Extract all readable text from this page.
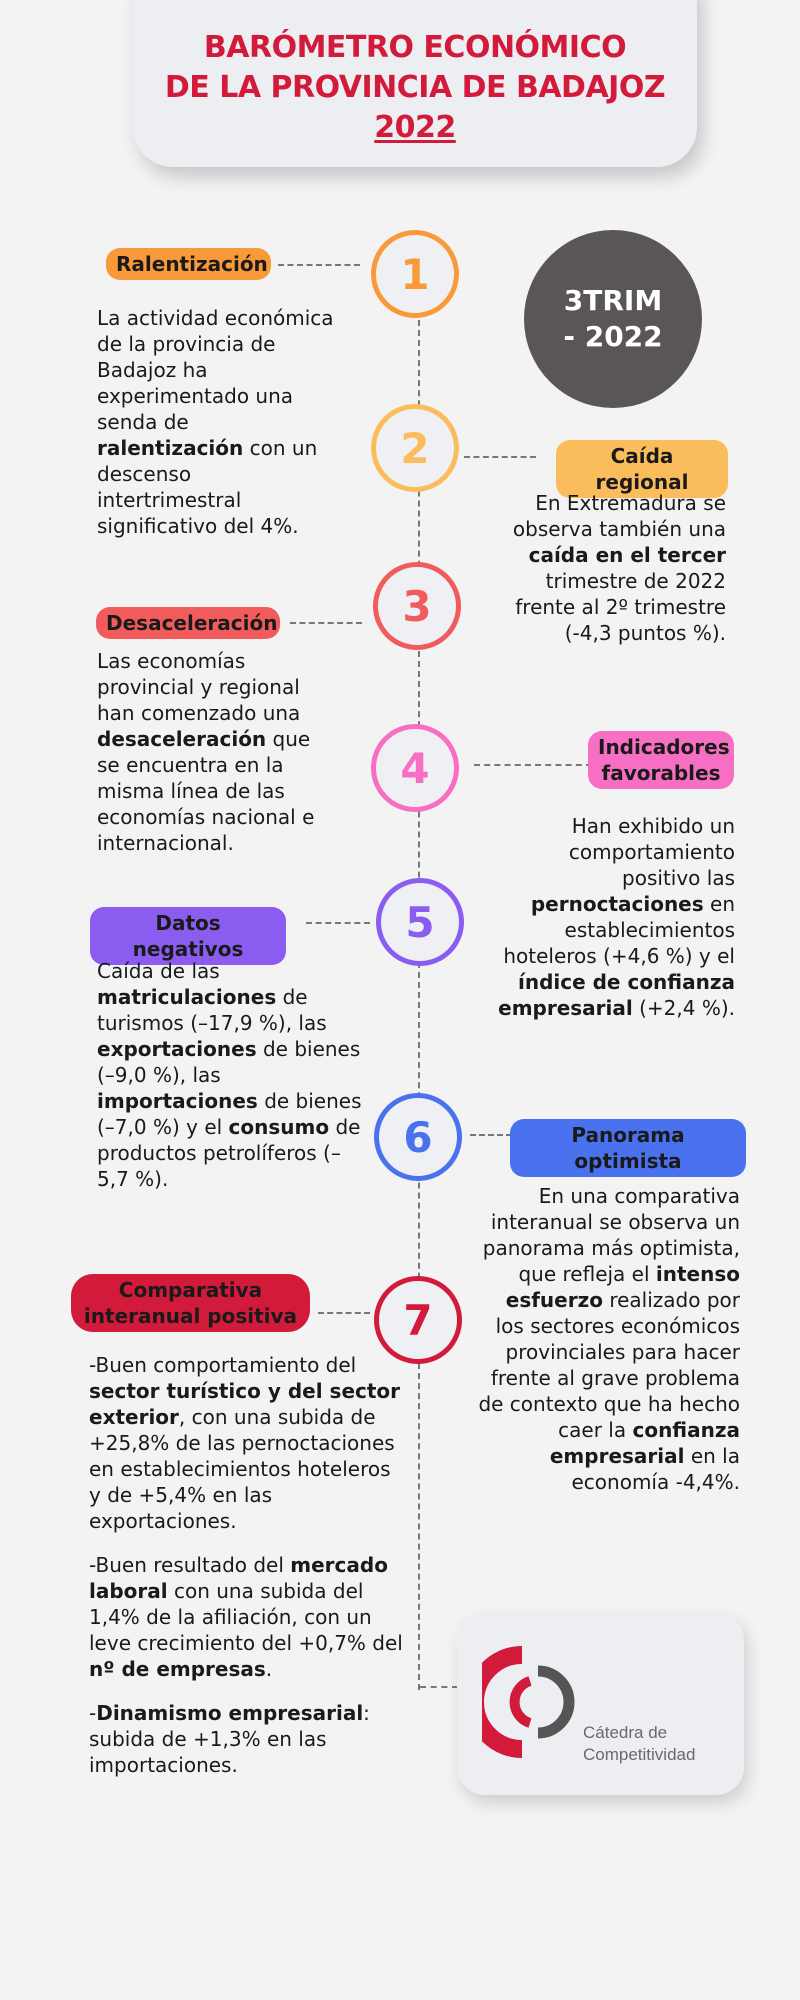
BARÓMETRO ECONÓMICO
DE LA PROVINCIA DE BADAJOZ
2022
3TRIM
- 2022
1
2
3
4
5
6
7
Ralentización
Caída regional
Desaceleración
Indicadores favorables
Datos negativos
Panorama optimista
Comparativa interanual positiva
La actividad económica de la provincia de Badajoz ha experimentado una senda de ralentización con un descenso intertrimestral significativo del 4%.
En Extremadura se observa también una caída en el tercer trimestre de 2022 frente al 2º trimestre (-4,3 puntos %).
Las economías provincial y regional han comenzado una desaceleración que se encuentra en la misma línea de las economías nacional e internacional.
Han exhibido un comportamiento positivo las pernoctaciones en establecimientos hoteleros (+4,6 %) y el índice de confianza empresarial (+2,4 %).
Caída de las matriculaciones de turismos (–17,9 %), las exportaciones de bienes (–9,0 %), las importaciones de bienes (–7,0 %) y el consumo de productos petrolíferos (–5,7 %).
En una comparativa interanual se observa un panorama más optimista, que refleja el intenso esfuerzo realizado por los sectores económicos provinciales para hacer frente al grave problema de contexto que ha hecho caer la confianza empresarial en la economía -4,4%.

-Buen comportamiento del sector turístico y del sector exterior, con una subida de +25,8% de las pernoctaciones en establecimientos hoteleros y de +5,4% en las exportaciones.

-Buen resultado del mercado laboral con una subida del 1,4% de la afiliación, con un leve crecimiento del +0,7% del nº de empresas.

-Dinamismo empresarial: subida de +1,3% en las importaciones.

Cátedra de
Competitividad
